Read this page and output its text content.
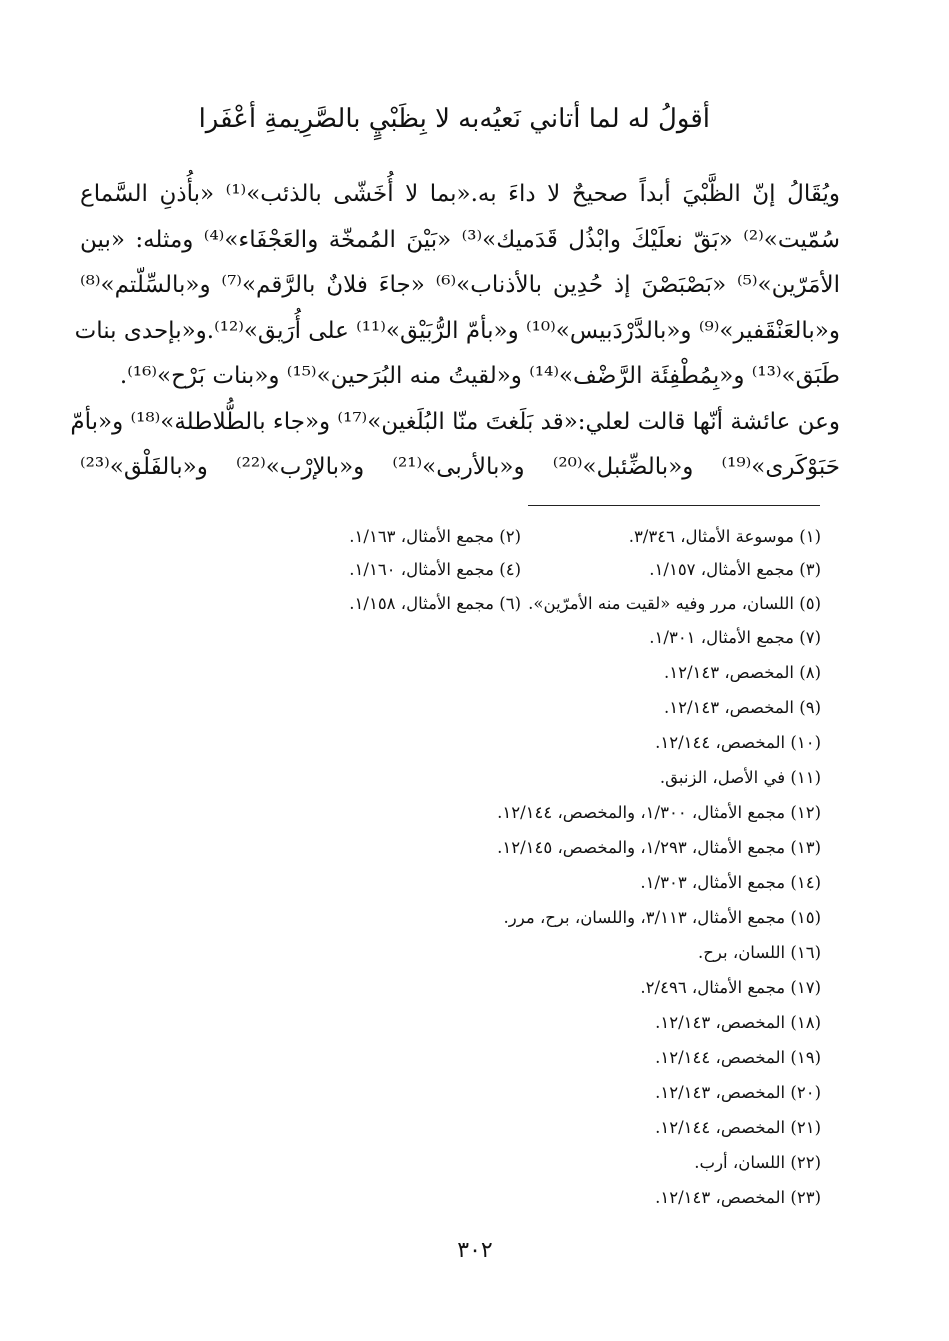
أقولُ له لما أتاني نَعيُه
به لا بِظَبْيٍ بالصَّرِيمةِ أعْفَرا
ويُقَالُ إنّ الظَّبْيَ أبداً صحيحٌ لا داءَ به.«بما لا أُخَشّى بالذئب»⁽¹⁾ «بأُذنِ السَّماع
سُمّيت»⁽²⁾ «بَقّ نعلَيْكَ وابْذُل قَدَميك»⁽³⁾ «بَيْنَ المُمخّة والعَجْفَاء»⁽⁴⁾ ومثله: «بين
الأمَرّين»⁽⁵⁾ «بَصْبَصْنَ إذ حُدِين بالأذناب»⁽⁶⁾ «جاءَ فلانٌ بالرَّقم»⁽⁷⁾ و«بالسِّلّتم»⁽⁸⁾
و«بالعَنْقَفير»⁽⁹⁾ و«بالدَّرْدَبيس»⁽¹⁰⁾ و«بأمّ الرُّبَيْق»⁽¹¹⁾ على أُرَيق»⁽¹²⁾.و«بإحدى بنات
طَبَق»⁽¹³⁾ و«بِمُطْفِئَة الرَّضْف»⁽¹⁴⁾ و«لقيتُ منه البُرَحين»⁽¹⁵⁾ و«بنات بَرْح»⁽¹⁶⁾.
وعن عائشة أنّها قالت لعلي:«قد بَلَغتَ منّا البُلَغين»⁽¹⁷⁾ و«جاء بالطُّلاطلة»⁽¹⁸⁾ و«بأمّ
حَبَوْكَرى»⁽¹⁹⁾ و«بالضِّئبل»⁽²⁰⁾ و«بالأربى»⁽²¹⁾ و«بالإرْب»⁽²²⁾ و«بالفَلْق»⁽²³⁾
(١) موسوعة الأمثال، ٣/٣٤٦.
(٢) مجمع الأمثال، ١/١٦٣.
(٣) مجمع الأمثال، ١/١٥٧.
(٤) مجمع الأمثال، ١/١٦٠.
(٥) اللسان، مرر وفيه «لقيت منه الأمرّين».
(٦) مجمع الأمثال، ١/١٥٨.
(٧) مجمع الأمثال، ١/٣٠١.
(٨) المخصص، ١٢/١٤٣.
(٩) المخصص، ١٢/١٤٣.
(١٠) المخصص، ١٢/١٤٤.
(١١) في الأصل، الزنبق.
(١٢) مجمع الأمثال، ١/٣٠٠، والمخصص، ١٢/١٤٤.
(١٣) مجمع الأمثال، ١/٢٩٣، والمخصص، ١٢/١٤٥.
(١٤) مجمع الأمثال، ١/٣٠٣.
(١٥) مجمع الأمثال، ٣/١١٣، واللسان، برح، مرر.
(١٦) اللسان، برح.
(١٧) مجمع الأمثال، ٢/٤٩٦.
(١٨) المخصص، ١٢/١٤٣.
(١٩) المخصص، ١٢/١٤٤.
(٢٠) المخصص، ١٢/١٤٣.
(٢١) المخصص، ١٢/١٤٤.
(٢٢) اللسان، أرب.
(٢٣) المخصص، ١٢/١٤٣.
٣٠٢
